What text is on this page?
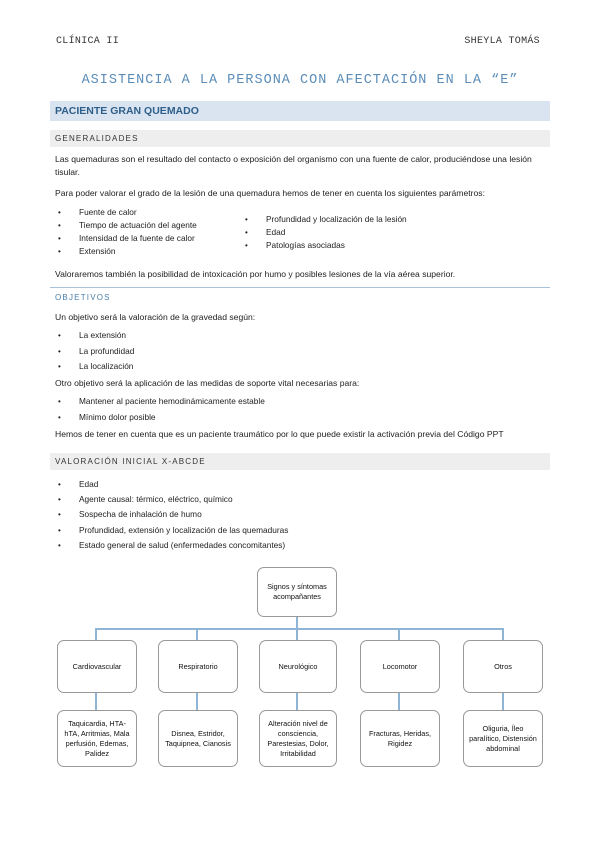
CLÍNICA II	SHEYLA TOMÁS
ASISTENCIA A LA PERSONA CON AFECTACIÓN EN LA “E”
PACIENTE GRAN QUEMADO
GENERALIDADES
Las quemaduras son el resultado del contacto o exposición del organismo con una fuente de calor, produciéndose una lesión tisular.
Para poder valorar el grado de la lesión de una quemadura hemos de tener en cuenta los siguientes parámetros:
• Fuente de calor
• Tiempo de actuación del agente
• Intensidad de la fuente de calor
• Extensión
• Profundidad y localización de la lesión
• Edad
• Patologías asociadas
Valoraremos también la posibilidad de intoxicación por humo y posibles lesiones de la vía aérea superior.
OBJETIVOS
Un objetivo será la valoración de la gravedad según:
• La extensión
• La profundidad
• La localización
Otro objetivo será la aplicación de las medidas de soporte vital necesarias para:
• Mantener al paciente hemodinámicamente estable
• Mínimo dolor posible
Hemos de tener en cuenta que es un paciente traumático por lo que puede existir la activación previa del Código PPT
VALORACIÓN INICIAL X-ABCDE
• Edad
• Agente causal: térmico, eléctrico, químico
• Sospecha de inhalación de humo
• Profundidad, extensión y localización de las quemaduras
• Estado general de salud (enfermedades concomitantes)
Signos y síntomas acompañantes
Cardiovascular	Respiratorio	Neurológico	Locomotor	Otros
Taquicardia, HTA-hTA, Arritmias, Mala perfusión, Edemas, Palidez
Disnea, Estridor, Taquipnea, Cianosis
Alteración nivel de consciencia, Parestesias, Dolor, Irritabilidad
Fracturas, Heridas, Rigidez
Oliguria, Íleo paralítico, Distensión abdominal
